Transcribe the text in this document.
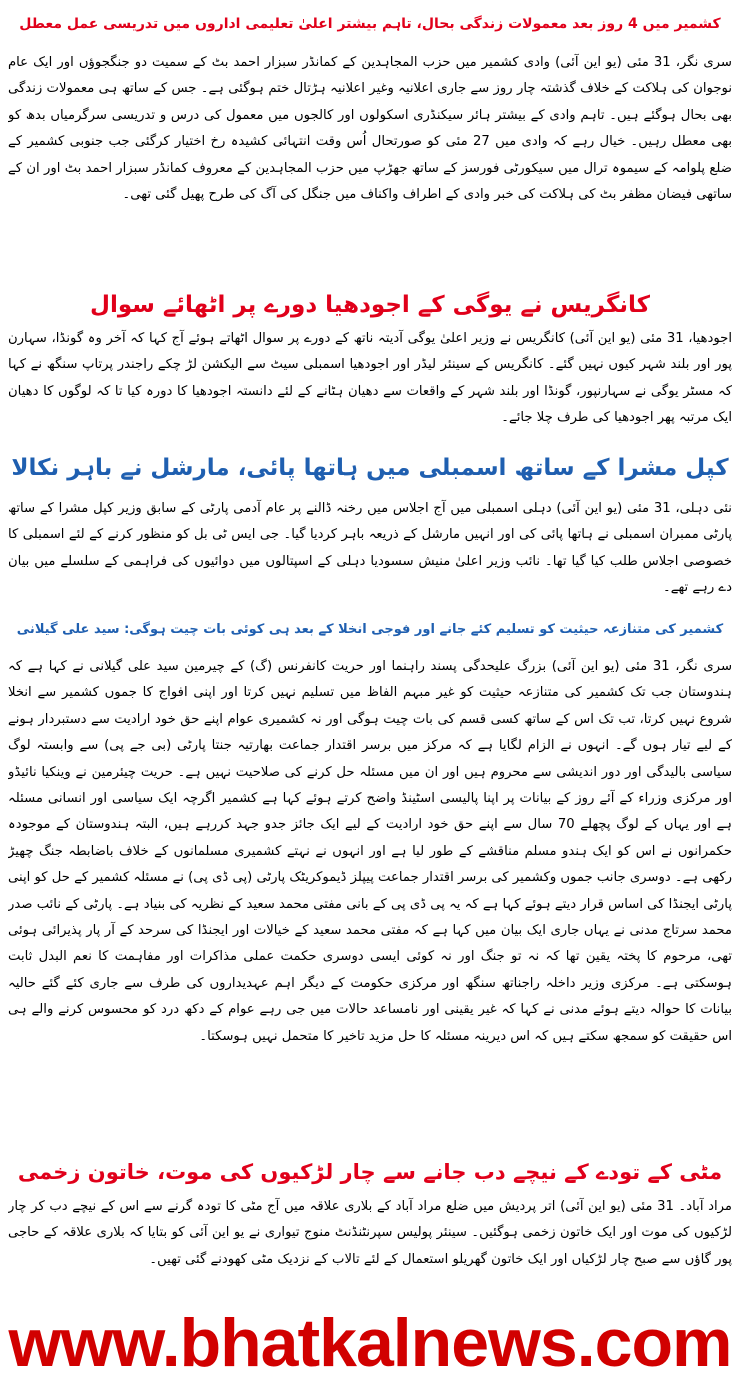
کشمیر میں 4 روز بعد معمولات زندگی بحال، تاہم بیشتر اعلیٰ تعلیمی اداروں میں تدریسی عمل معطل

سری نگر، 31 مئی (یو این آئی) وادی کشمیر میں حزب المجاہدین کے کمانڈر سبزار احمد بٹ کے سمیت دو جنگجوؤں اور ایک عام نوجوان کی ہلاکت کے خلاف گذشتہ چار روز سے جاری اعلانیہ وغیر اعلانیہ ہڑتال ختم ہوگئی ہے۔ جس کے ساتھ ہی معمولات زندگی بھی بحال ہوگئے ہیں۔ تاہم وادی کے بیشتر ہائر سیکنڈری اسکولوں اور کالجوں میں معمول کی درس و تدریسی سرگرمیاں بدھ کو بھی معطل رہیں۔ خیال رہے کہ وادی میں 27 مئی کو صورتحال اُس وقت انتہائی کشیدہ رخ اختیار کرگئی جب جنوبی کشمیر کے ضلع پلوامہ کے سیموہ ترال میں سیکورٹی فورسز کے ساتھ جھڑپ میں حزب المجاہدین کے معروف کمانڈر سبزار احمد بٹ اور ان کے ساتھی فیضان مظفر بٹ کی ہلاکت کی خبر وادی کے اطراف واکناف میں جنگل کی آگ کی طرح پھیل گئی تھی۔

کانگریس نے یوگی کے اجودھیا دورے پر اٹھائے سوال

اجودھیا، 31 مئی (یو این آئی) کانگریس نے وزیر اعلیٰ یوگی آدیتہ ناتھ کے دورے پر سوال اٹھاتے ہوئے آج کہا کہ آخر وہ گونڈا، سہارن پور اور بلند شہر کیوں نہیں گئے۔ کانگریس کے سینئر لیڈر اور اجودھیا اسمبلی سیٹ سے الیکشن لڑ چکے راجندر پرتاپ سنگھ نے کہا کہ مسٹر یوگی نے سہارنپور، گونڈا اور بلند شہر کے واقعات سے دھیان ہٹانے کے لئے دانستہ اجودھیا کا دورہ کیا تا کہ لوگوں کا دھیان ایک مرتبہ پھر اجودھیا کی طرف چلا جائے۔

کپل مشرا کے ساتھ اسمبلی میں ہاتھا پائی، مارشل نے باہر نکالا

نئی دہلی، 31 مئی (یو این آئی) دہلی اسمبلی میں آج اجلاس میں رخنہ ڈالنے پر عام آدمی پارٹی کے سابق وزیر کپل مشرا کے ساتھ پارٹی ممبران اسمبلی نے ہاتھا پائی کی اور انہیں مارشل کے ذریعہ باہر کردیا گیا۔ جی ایس ٹی بل کو منظور کرنے کے لئے اسمبلی کا خصوصی اجلاس طلب کیا گیا تھا۔ نائب وزیر اعلیٰ منیش سسودیا دہلی کے اسپتالوں میں دوائیوں کی فراہمی کے سلسلے میں بیان دے رہے تھے۔

کشمیر کی متنازعہ حیثیت کو تسلیم کئے جانے اور فوجی انخلا کے بعد ہی کوئی بات چیت ہوگی: سید علی گیلانی

سری نگر، 31 مئی (یو این آئی) بزرگ علیحدگی پسند راہنما اور حریت کانفرنس (گ) کے چیرمین سید علی گیلانی نے کہا ہے کہ ہندوستان جب تک کشمیر کی متنازعہ حیثیت کو غیر مبہم الفاظ میں تسلیم نہیں کرتا اور اپنی افواج کا جموں کشمیر سے انخلا شروع نہیں کرتا، تب تک اس کے ساتھ کسی قسم کی بات چیت ہوگی اور نہ کشمیری عوام اپنے حق خود ارادیت سے دستبردار ہونے کے لیے تیار ہوں گے۔ انہوں نے الزام لگایا ہے کہ مرکز میں برسر اقتدار جماعت بھارتیہ جنتا پارٹی (بی جے پی) سے وابستہ لوگ سیاسی بالیدگی اور دور اندیشی سے محروم ہیں اور ان میں مسئلہ حل کرنے کی صلاحیت نہیں ہے۔ حریت چیئرمین نے وینکیا نائیڈو اور مرکزی وزراء کے آئے روز کے بیانات پر اپنا پالیسی اسٹینڈ واضح کرتے ہوئے کہا ہے کشمیر اگرچہ ایک سیاسی اور انسانی مسئلہ ہے اور یہاں کے لوگ پچھلے 70 سال سے اپنے حق خود ارادیت کے لیے ایک جائز جدو جہد کررہے ہیں، البتہ ہندوستان کے موجودہ حکمرانوں نے اس کو ایک ہندو مسلم مناقشے کے طور لیا ہے اور انہوں نے نہتے کشمیری مسلمانوں کے خلاف باضابطہ جنگ چھیڑ رکھی ہے۔ دوسری جانب جموں وکشمیر کی برسر اقتدار جماعت پیپلز ڈیموکریٹک پارٹی (پی ڈی پی) نے مسئلہ کشمیر کے حل کو اپنی پارٹی ایجنڈا کی اساس قرار دیتے ہوئے کہا ہے کہ یہ پی ڈی پی کے بانی مفتی محمد سعید کے نظریہ کی بنیاد ہے۔ پارٹی کے نائب صدر محمد سرتاج مدنی نے یہاں جاری ایک بیان میں کہا ہے کہ مفتی محمد سعید کے خیالات اور ایجنڈا کی سرحد کے آر پار پذیرائی ہوئی تھی، مرحوم کا پختہ یقین تھا کہ نہ تو جنگ اور نہ کوئی ایسی دوسری حکمت عملی مذاکرات اور مفاہمت کا نعم البدل ثابت ہوسکتی ہے۔ مرکزی وزیر داخلہ راجناتھ سنگھ اور مرکزی حکومت کے دیگر اہم عہدیداروں کی طرف سے جاری کئے گئے حالیہ بیانات کا حوالہ دیتے ہوئے مدنی نے کہا کہ غیر یقینی اور نامساعد حالات میں جی رہے عوام کے دکھ درد کو محسوس کرنے والے ہی اس حقیقت کو سمجھ سکتے ہیں کہ اس دیرینہ مسئلہ کا حل مزید تاخیر کا متحمل نہیں ہوسکتا۔

مٹی کے تودے کے نیچے دب جانے سے چار لڑکیوں کی موت، خاتون زخمی

مراد آباد۔ 31 مئی (یو این آئی) اتر پردیش میں ضلع مراد آباد کے بلاری علاقہ میں آج مٹی کا تودہ گرنے سے اس کے نیچے دب کر چار لڑکیوں کی موت اور ایک خاتون زخمی ہوگئیں۔ سینئر پولیس سپرنٹنڈنٹ منوج تیواری نے یو این آئی کو بتایا کہ بلاری علاقہ کے حاجی پور گاؤں سے صبح چار لڑکیاں اور ایک خاتون گھریلو استعمال کے لئے تالاب کے نزدیک مٹی کھودنے گئی تھیں۔

www.bhatkalnews.com
